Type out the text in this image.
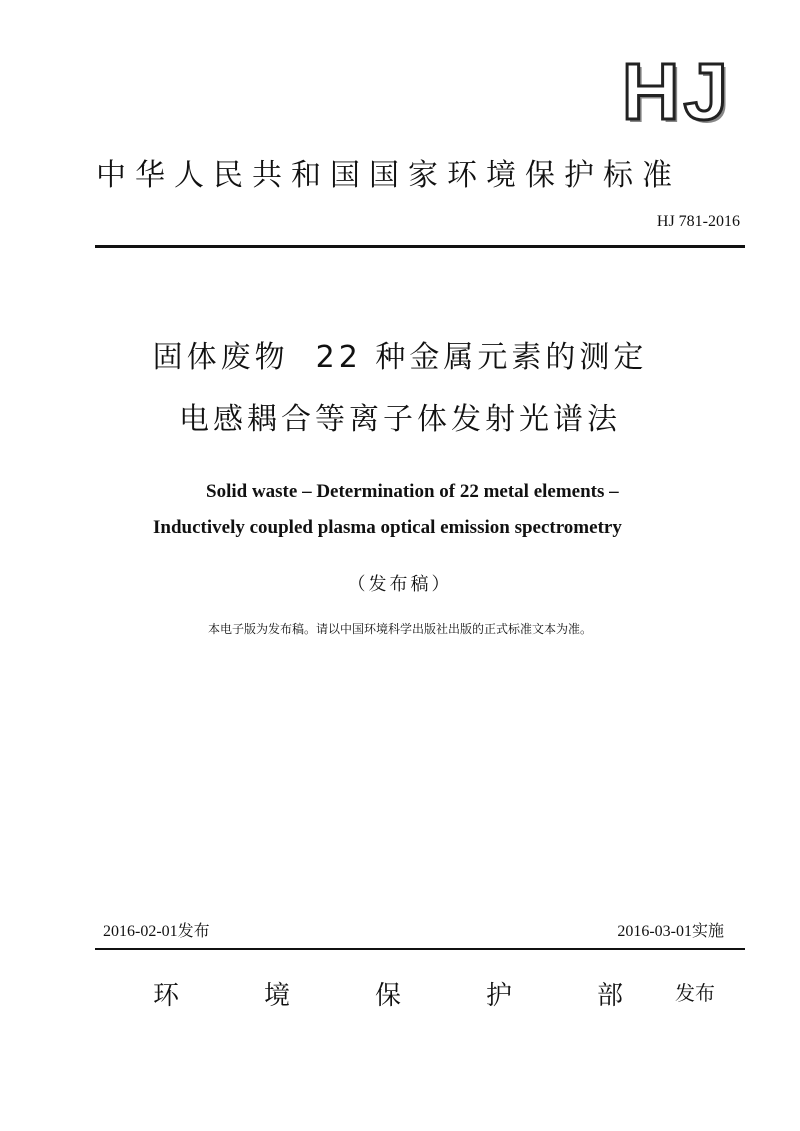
HJ
中华人民共和国国家环境保护标准
HJ 781-2016
固体废物  22 种金属元素的测定
电感耦合等离子体发射光谱法
Solid waste – Determination of 22 metal elements –
Inductively coupled plasma optical emission spectrometry
（发布稿）
本电子版为发布稿。请以中国环境科学出版社出版的正式标准文本为准。
2016-02-01发布	2016-03-01实施
环	境	保	护	部	发布
